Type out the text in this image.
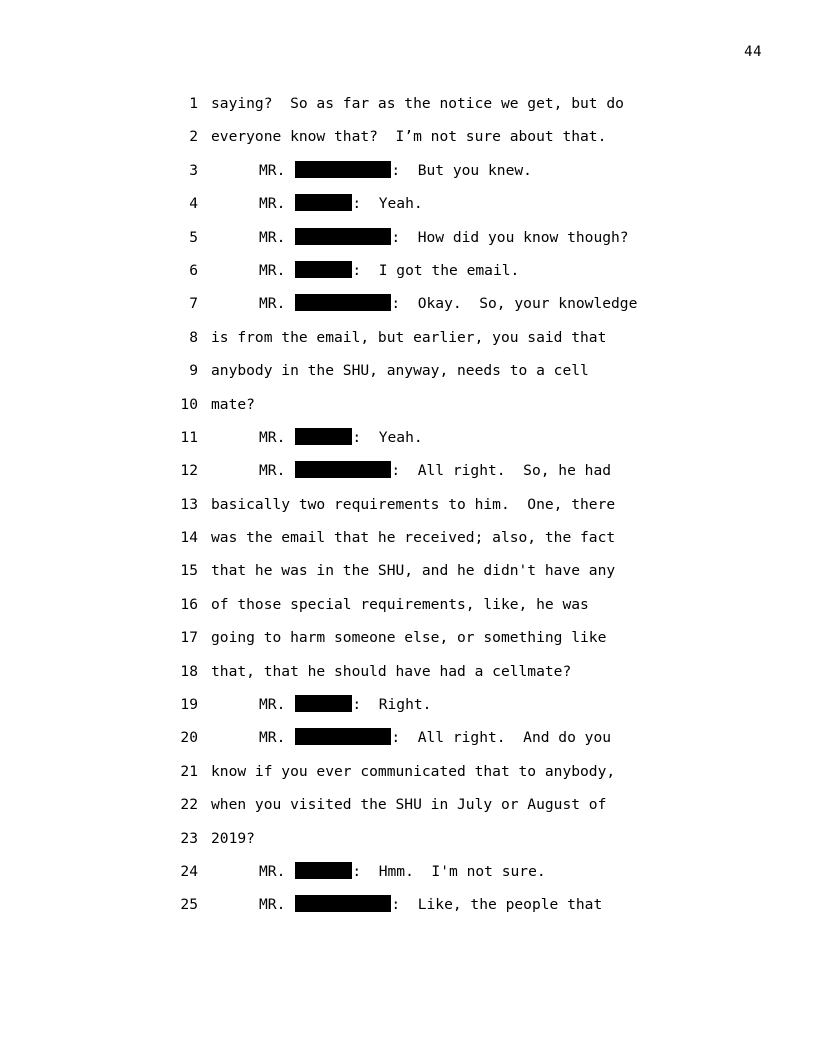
44
1 saying?  So as far as the notice we get, but do
2 everyone know that?  I’m not sure about that.
3	MR.	:  But you knew.
4	MR.	:  Yeah.
5	MR.	:  How did you know though?
6	MR.	:  I got the email.
7	MR.	:  Okay.  So, your knowledge
8 is from the email, but earlier, you said that
9 anybody in the SHU, anyway, needs to a cell
10 mate?
11	MR.	:  Yeah.
12	MR.	:  All right.  So, he had
13 basically two requirements to him.  One, there
14 was the email that he received; also, the fact
15 that he was in the SHU, and he didn't have any
16 of those special requirements, like, he was
17 going to harm someone else, or something like
18 that, that he should have had a cellmate?
19	MR.	:  Right.
20	MR.	:  All right.  And do you
21 know if you ever communicated that to anybody,
22 when you visited the SHU in July or August of
23 2019?
24	MR.	:  Hmm.  I'm not sure.
25	MR.	:  Like, the people that
